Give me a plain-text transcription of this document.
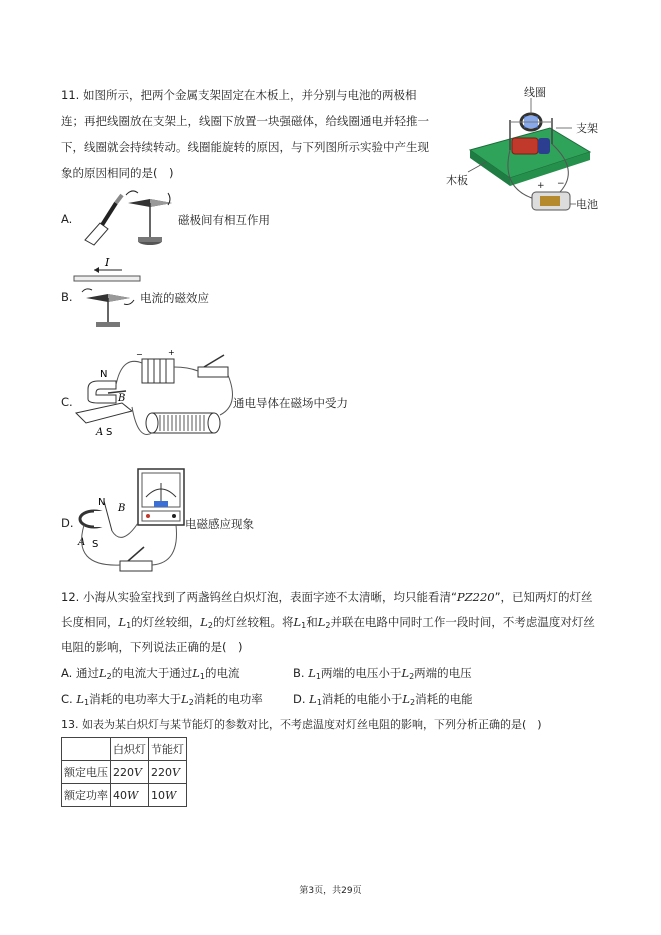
11. 如图所示，把两个金属支架固定在木板上，并分别与电池的两极相
连；再把线圈放在支架上，线圈下放置一块强磁体，给线圈通电并轻推一
下，线圈就会持续转动。线圈能旋转的原因，与下列图所示实验中产生现
象的原因相同的是(　)
线圈
支架
木板
电池
−
+
A.	磁极间有相互作用
B.
I
电流的磁效应
C.
N
A S
B
−	+
通电导体在磁场中受力
D.
N
B
A S
电磁感应现象
12. 小海从实验室找到了两盏钨丝白炽灯泡，表面字迹不太清晰，均只能看清“PZ220”，已知两灯的灯丝
长度相同，$L_1$的灯丝较细，$L_2$的灯丝较粗。将$L_1$和$L_2$并联在电路中同时工作一段时间，不考虑温度对灯丝
电阻的影响，下列说法正确的是(　)
A. 通过$L_2$的电流大于通过$L_1$的电流	B. $L_1$两端的电压小于$L_2$两端的电压
C. $L_1$消耗的电功率大于$L_2$消耗的电功率	D. $L_1$消耗的电能小于$L_2$消耗的电能
13. 如表为某白炽灯与某节能灯的参数对比，不考虑温度对灯丝电阻的影响，下列分析正确的是(　)
	白炽灯	节能灯
额定电压	220V	220V
额定功率	40W	10W
第3页，共29页
